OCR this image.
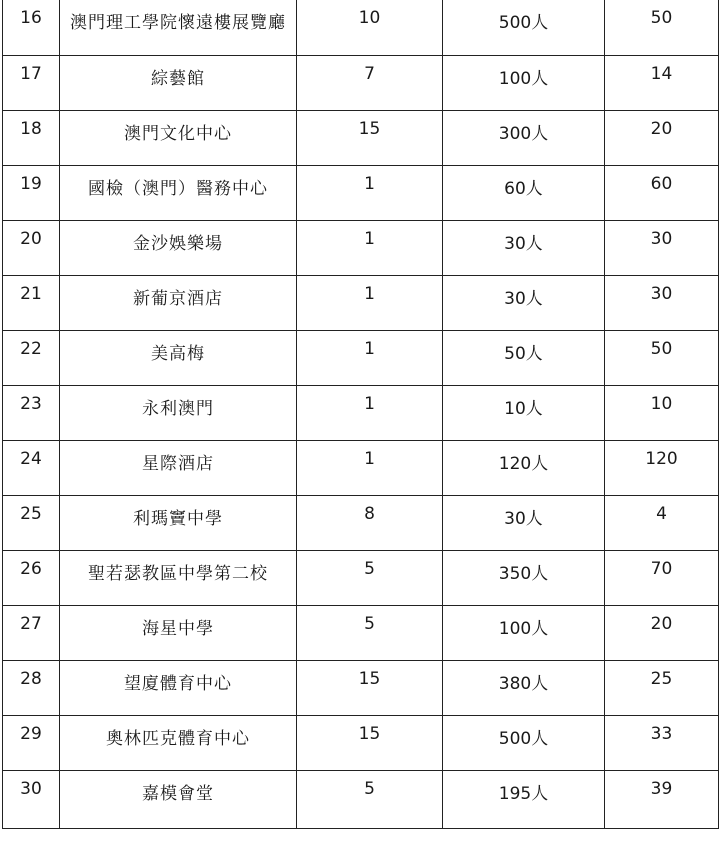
16	澳門理工學院懷遠樓展覽廳	10	500人	50
17	綜藝館	7	100人	14
18	澳門文化中心	15	300人	20
19	國檢（澳門）醫務中心	1	60人	60
20	金沙娛樂場	1	30人	30
21	新葡京酒店	1	30人	30
22	美高梅	1	50人	50
23	永利澳門	1	10人	10
24	星際酒店	1	120人	120
25	利瑪竇中學	8	30人	4
26	聖若瑟教區中學第二校	5	350人	70
27	海星中學	5	100人	20
28	望廈體育中心	15	380人	25
29	奧林匹克體育中心	15	500人	33
30	嘉模會堂	5	195人	39
